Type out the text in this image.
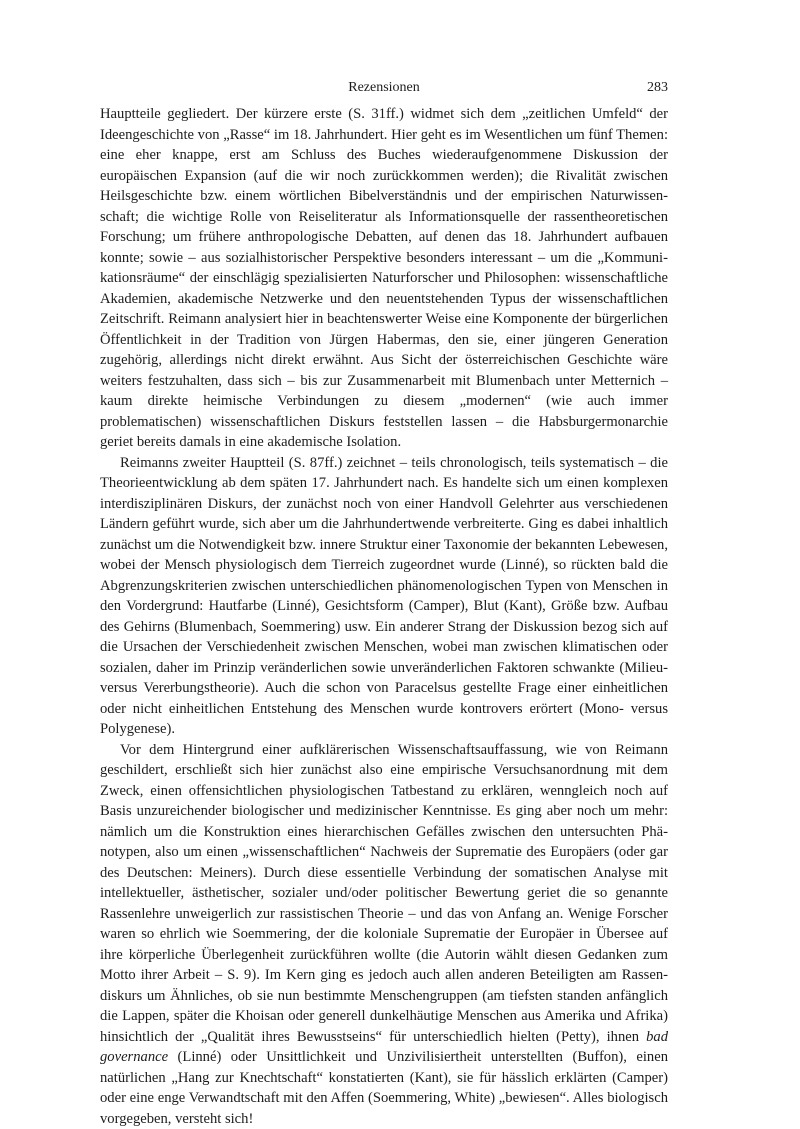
Rezensionen	283

Hauptteile gegliedert. Der kürzere erste (S. 31ff.) widmet sich dem „zeitlichen Umfeld“ der Ideengeschichte von „Rasse“ im 18. Jahrhundert. Hier geht es im Wesentlichen um fünf Themen: eine eher knappe, erst am Schluss des Buches wiederaufgenommene Diskussion der europäischen Expansion (auf die wir noch zurückkommen werden); die Rivalität zwischen Heilsgeschichte bzw. einem wörtlichen Bibelverständnis und der empirischen Naturwissenschaft; die wichtige Rolle von Reiseliteratur als Informationsquelle der rassentheoretischen Forschung; um frühere anthropologische Debatten, auf denen das 18. Jahrhundert aufbauen konnte; sowie – aus sozialhistorischer Perspektive besonders interessant – um die „Kommunikationsräume“ der einschlägig spezialisierten Naturforscher und Philosophen: wissenschaftliche Akademien, akademische Netzwerke und den neuentstehenden Typus der wissenschaftlichen Zeitschrift. Reimann analysiert hier in beachtenswerter Weise eine Komponente der bürgerlichen Öffentlichkeit in der Tradition von Jürgen Habermas, den sie, einer jüngeren Generation zugehörig, allerdings nicht direkt erwähnt. Aus Sicht der österreichischen Geschichte wäre weiters festzuhalten, dass sich – bis zur Zusammenarbeit mit Blumenbach unter Metternich – kaum direkte heimische Verbindungen zu diesem „modernen“ (wie auch immer problematischen) wissenschaftlichen Diskurs feststellen lassen – die Habsburgermonarchie geriet bereits damals in eine akademische Isolation.

Reimanns zweiter Hauptteil (S. 87ff.) zeichnet – teils chronologisch, teils systematisch – die Theorieentwicklung ab dem späten 17. Jahrhundert nach. Es handelte sich um einen komplexen interdisziplinären Diskurs, der zunächst noch von einer Handvoll Gelehrter aus verschiedenen Ländern geführt wurde, sich aber um die Jahrhundertwende verbreiterte. Ging es dabei inhaltlich zunächst um die Notwendigkeit bzw. innere Struktur einer Taxonomie der bekannten Lebewesen, wobei der Mensch physiologisch dem Tierreich zugeordnet wurde (Linné), so rückten bald die Abgrenzungskriterien zwischen unterschiedlichen phänomenologischen Typen von Menschen in den Vordergrund: Hautfarbe (Linné), Gesichtsform (Camper), Blut (Kant), Größe bzw. Aufbau des Gehirns (Blumenbach, Soemmering) usw. Ein anderer Strang der Diskussion bezog sich auf die Ursachen der Verschiedenheit zwischen Menschen, wobei man zwischen klimatischen oder sozialen, daher im Prinzip veränderlichen sowie unveränderlichen Faktoren schwankte (Milieu- versus Vererbungstheorie). Auch die schon von Paracelsus gestellte Frage einer einheitlichen oder nicht einheitlichen Entstehung des Menschen wurde kontrovers erörtert (Mono- versus Polygenese).

Vor dem Hintergrund einer aufklärerischen Wissenschaftsauffassung, wie von Reimann geschildert, erschließt sich hier zunächst also eine empirische Versuchsanordnung mit dem Zweck, einen offensichtlichen physiologischen Tatbestand zu erklären, wenngleich noch auf Basis unzureichender biologischer und medizinischer Kenntnisse. Es ging aber noch um mehr: nämlich um die Konstruktion eines hierarchischen Gefälles zwischen den untersuchten Phänotypen, also um einen „wissenschaftlichen“ Nachweis der Suprematie des Europäers (oder gar des Deutschen: Meiners). Durch diese essentielle Verbindung der somatischen Analyse mit intellektueller, ästhetischer, sozialer und/oder politischer Bewertung geriet die so genannte Rassenlehre unweigerlich zur rassistischen Theorie – und das von Anfang an. Wenige Forscher waren so ehrlich wie Soemmering, der die koloniale Suprematie der Europäer in Übersee auf ihre körperliche Überlegenheit zurückführen wollte (die Autorin wählt diesen Gedanken zum Motto ihrer Arbeit – S. 9). Im Kern ging es jedoch auch allen anderen Beteiligten am Rassendiskurs um Ähnliches, ob sie nun bestimmte Menschengruppen (am tiefsten standen anfänglich die Lappen, später die Khoisan oder generell dunkelhäutige Menschen aus Amerika und Afrika) hinsichtlich der „Qualität ihres Bewusstseins“ für unterschiedlich hielten (Petty), ihnen bad governance (Linné) oder Unsittlichkeit und Unzivilisiertheit unterstellten (Buffon), einen natürlichen „Hang zur Knechtschaft“ konstatierten (Kant), sie für hässlich erklärten (Camper) oder eine enge Verwandtschaft mit den Affen (Soemmering, White) „bewiesen“. Alles biologisch vorgegeben, versteht sich!
